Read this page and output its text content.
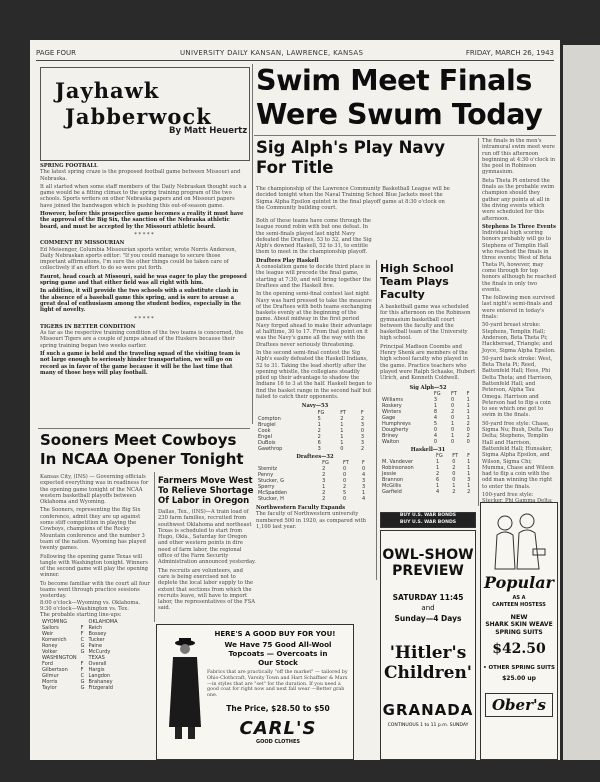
PAGE FOUR	UNIVERSITY DAILY KANSAN, LAWRENCE, KANSAS	FRIDAY, MARCH 26, 1943
Jayhawk
Jabberwock
By Matt Heuertz

SPRING FOOTBALL

The latest spring craze is the proposed football game between Missouri and Nebraska.

It all started when some staff members of the Daily Nebraskan thought such a game would be a fitting climax to the spring training program of the two schools. Sports writers on other Nebraska papers and on Missouri papers have joined the bandwagon which is pushing this out-of-season game.

However, before this prospective game becomes a reality it must have the approval of the Big Six, the sanction of the Nebraska athletic board, and must be accepted by the Missouri athletic board.

* * * * *

COMMENT BY MISSOURIAN

Ed Meisenger, Columbia Missourian sports writer, wrote Norris Anderson, Daily Nebraskan sports editor: "If you could manage to secure those important affirmations, I'm sure the other things could be taken care of collectively if an effort to do so were put forth.

Faurot, head coach at Missouri, said he was eager to play the proposed spring game and that either field was all right with him.

In addition, it will provide the two schools with a substitute clash in the absence of a baseball game this spring, and is sure to arouse a great deal of enthusiasm among the student bodies, especially in the light of novelty.

* * * * *

TIGERS IN BETTER CONDITION

As far as the respective training condition of the two teams is concerned, the Missouri Tigers are a couple of jumps ahead of the Huskers because their spring training began two weeks earlier.

If such a game is held and the traveling squad of the visiting team is not large enough to seriously hinder transportation, we will go on record as in favor of the game because it will be the last time that many of those boys will play football.

Sooners Meet Cowboys
In NCAA Opener Tonight

Kansas City, (INS) — Governing officials expected everything was in readiness for the opening game tonight of the NCAA western basketball playoffs between Oklahoma and Wyoming.

The Sooners, representing the Big Six conference, admit they are up against some stiff competition in playing the Cowboys, champions of the Rocky Mountain conference and the number 3 team of the nation. Wyoming has played twenty games.

Following the opening game Texas will tangle with Washington tonight. Winners of the second game will play the opening winner.

To become familiar with the court all four teams went through practice sessions yesterday.

8:00 o'clock—Wyoming vs. Oklahoma.

9:30 o'clock—Washington vs. Tex.

The probable starting line-ups:

WYOMING		OKLAHOMA
Sailors	F	Reich
Weir	F	Bossey
Komenich	C	Tucker
Roney	G	Paine
Volker	G	McCurdy
WASHINGTON		TEXAS
Ford	F	Overall
Gilbertson	F	Hargis
Gilmur	C	Langdon
Morris	G	Brahaney
Taylor	G	Fitzgerald
Farmers Move West To Relieve Shortage Of Labor in Oregon

Dallas, Tex., (INS)—A train load of 230 farm families, recruited from southwest Oklahoma and northeast Texas is scheduled to start from Hugo, Okla., Saturday for Oregon and other western points in dire need of farm labor, the regional office of the Farm Security Administration announced yesterday.

The recruits are volunteers, and care is being exercised not to deplete the local labor supply to the extent that sections from which the recruits leave, will have to import labor, the representatives of the FSA said.

HERE'S A GOOD BUY FOR YOU!
We Have 75 Good All-Wool
Topcoats — Overcoats in
Our Stock

Fabrics that are practically "off the market" — tailored by Ohio-Clothcraft, Varsity Town and Hart Schaffner & Marx—in styles that are "set" for the duration. If you need a good coat for right now and next fall wear —Better grab one.

The Price, $28.50 to $50
CARL'S
GOOD CLOTHES
Swim Meet Finals
Were Swum Today
Sig Alph's Play Navy For Title

The championship of the Lawrence Community Basketball League will be decided tonight when the Naval Training School Blue Jackets meet the Sigma Alpha Epsilon quintet in the final playoff game at 8:30 o'clock on the Community building court.

Both of these teams have come through the league round robin with but one defeat. In the semi-finals played last night Navy defeated the Draftees, 53 to 32, and the Sig Alph's downed Haskell, 52 to 31, to entitle them to meet in the championship playoff.

Draftees Play Haskell

A consolation game to decide third place in the league will precede the final game, starting at 7:30, and will bring together the Draftees and the Haskell five.

In the opening semi-final contest last night Navy was hard pressed to take the measure of the Draftees with both teams exchanging baskets evenly at the beginning of the game. About midway in the first period Navy forged ahead to make their advantage at halftime, 30 to 17. From that point on it was the Navy's game all the way with the Draftees never seriously threatening.

In the second semi-final contest the Sig Alph's easily defeated the Haskell Indians, 52 to 31. Taking the lead shortly after the opening whistle, the collegians steadily piled up their advantage to shadow the Indians 16 to 3 at the half. Haskell began to find the basket range in the second half but failed to catch their opponents.

Navy—53

	FG	FT	F
Compton	5	2	2
Brugiel	1	1	3
Cook	2	1	0
Engel	2	1	3
DuBois	6	1	3
Gawthrop	3	0	2

Draftees—32

	FG	FT	F
Stemitz	2	0	0
Penny	2	0	4
Stucker, G	3	0	3
Sperry	1	2	3
McSpadden	2	5	1
Stucker, H	2	0	4

Northwestern Faculty Expands

The faculty of Northwestern university numbered 500 in 1920, as compared with 1,100 last year.

High School Team Plays Faculty

A basketball game was scheduled for this afternoon on the Robinson gymnasium basketball court between the faculty and the basketball team of the University high school.

Principal Madison Coombs and Henry Shenk are members of the high school faculty who played in the game. Practice teachers who played were Ralph Schaake, Hubert Ulrich, and Kenneth Coldwell.

Sig Alph—52

	FG	FT	F
Williams	3	0	1
Roskery	1	0	1
Winters	8	2	1
Gage	4	0	1
Humphreys	5	1	2
Dougherty	0	0	0
Briney	4	1	2
Walton	0	0	0

Haskell—31

	FG	FT	F
M. Vandever	1	0	1
Robinsonson	1	2	1
Jessie	2	0	1
Brannon	6	0	3
McGillis	1	1	1
Garfield	4	2	2
BUY U.S. WAR BONDS
BUY U.S. WAR BONDS
OWL-SHOW
PREVIEW
SATURDAY 11:45
and
Sunday—4 Days
'Hitler's
Children'
GRANADA
CONTINUOUS 1 to 11 p.m. SUNDAY

The finals in the men's intramural swim meet were run off this afternoon beginning at 4:30 o'clock in the pool in Robinson gymnasium.

Beta Theta Pi entered the finals as the probable swim champion should they gather any points at all in the diving events which were scheduled for this afternoon.

Stephens Is Three Events

Individual high scoring honors probably will go to Stephens of Templin Hall who reached the finals in three events; West of Beta Theta Pi, however, may come through for top honors although he reached the finals in only two events.

The following men survived last night's semi-finals and were entered in today's finals:

50-yard breast stroke: Stephens, Templin Hall; Anderson, Beta Theta Pi; Hackbersad, Triangle; and Joyce, Sigma Alpha Epsilon.

50-yard back stroke: West, Beta Theta Pi; Reed, Battenfeld Hall; Hess, Phi Delta Theta; and Harrison, Battenfeld Hall; and Peterson, Alpha Tau Omega. Harrison and Peterson had to flip a coin to see which one got to swim in the finals.

50-yard free style: Chase, Sigma Nu; Bush, Delta Tau Delta; Stephens, Templin Hall and Harrison, Battenfeld Hall; Hunsaker, Sigma Alpha Epsilon, and Wilson, Sigma Chi; Mumma, Chase and Wilson had to flip a coin with the odd man winning the right to enter the finals.

100-yard free style:

Popular
AS A
CANTEEN HOSTESS
NEW
SHARK SKIN WEAVE
SPRING SUITS
$42.50
• OTHER SPRING SUITS
$25.00 up
Ober's
